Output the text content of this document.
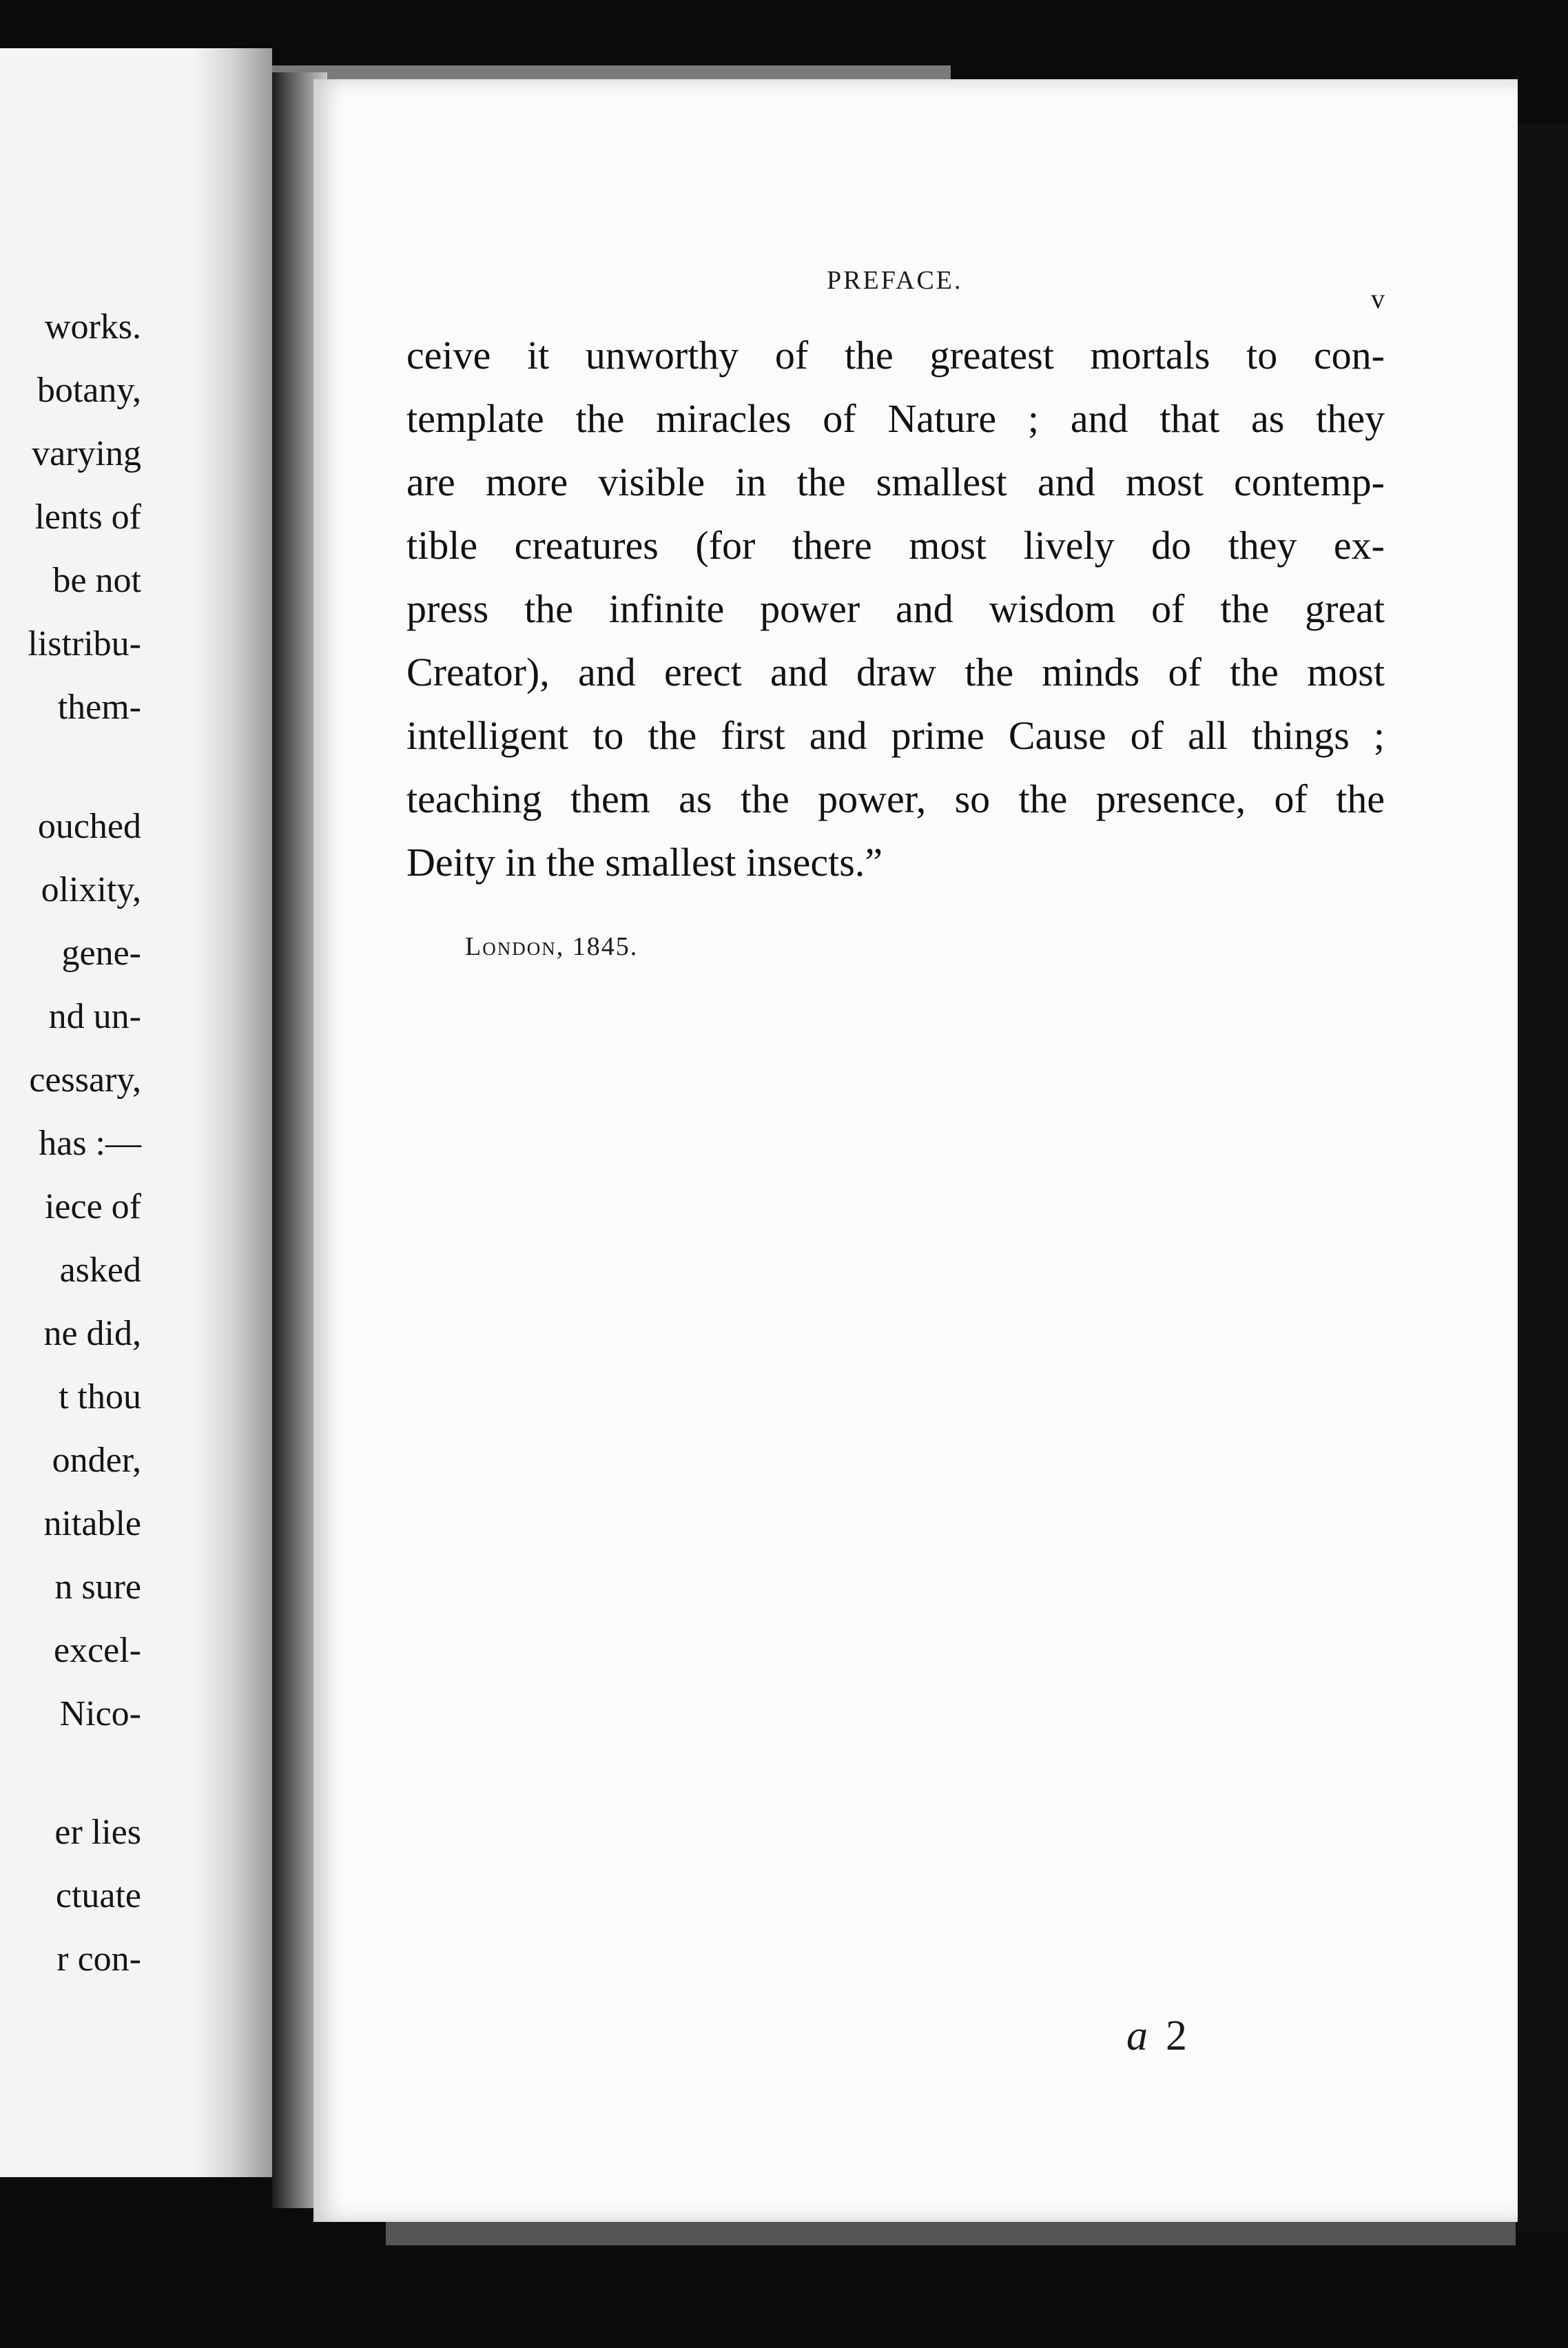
works.
botany,
varying
lents of
be not
listribu-
them-
ouched
olixity,
gene-
nd un-
cessary,
has :—
iece of
asked
ne did,
t thou
onder,
nitable
n sure
excel-
Nico-
er lies
ctuate
r con-
PREFACE.
v
ceive it unworthy of the greatest mortals to con-
template the miracles of Nature ; and that as they
are more visible in the smallest and most contemp-
tible creatures (for there most lively do they ex-
press the infinite power and wisdom of the great
Creator), and erect and draw the minds of the most
intelligent to the first and prime Cause of all things ;
teaching them as the power, so the presence, of the
Deity in the smallest insects.”
London, 1845.
a 2
